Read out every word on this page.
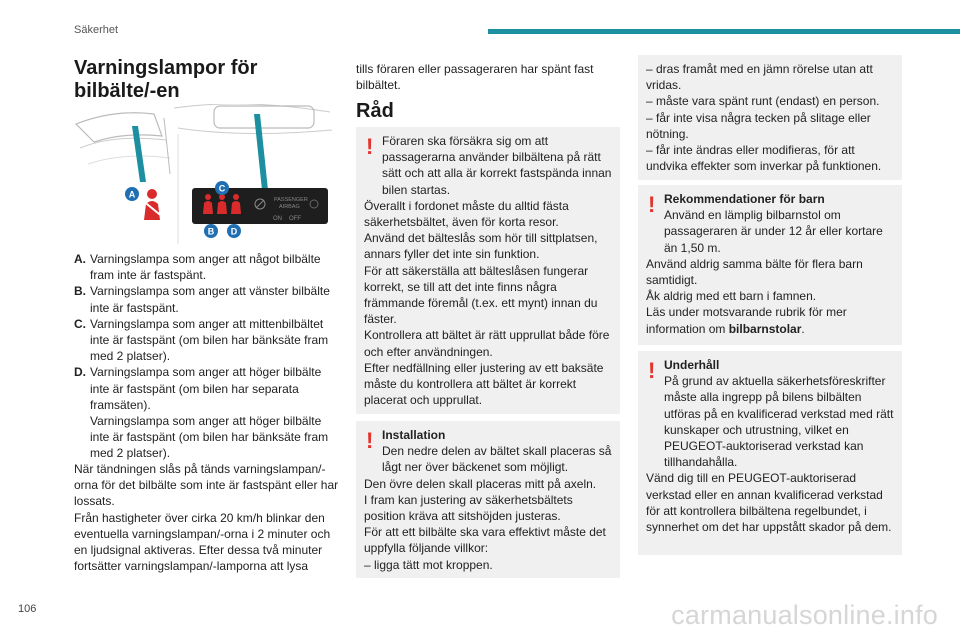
Säkerhet
Varningslampor för bilbälte/-en
PASSENGER
AIRBAG
ON OFF
A
C
B D
A. Varningslampa som anger att något bilbälte fram inte är fastspänt.
B. Varningslampa som anger att vänster bilbälte inte är fastspänt.
C. Varningslampa som anger att mittenbilbältet inte är fastspänt (om bilen har bänksäte fram med 2 platser).
D. Varningslampa som anger att höger bilbälte inte är fastspänt (om bilen har separata framsäten).
Varningslampa som anger att höger bilbälte inte är fastspänt (om bilen har bänksäte fram med 2 platser).
När tändningen slås på tänds varningslampan/-orna för det bilbälte som inte är fastspänt eller har lossats.
Från hastigheter över cirka 20 km/h blinkar den eventuella varningslampan/-orna i 2 minuter och en ljudsignal aktiveras. Efter dessa två minuter fortsätter varningslampan/-lamporna att lysa
tills föraren eller passageraren har spänt fast bilbältet.
Råd
! Föraren ska försäkra sig om att passagerarna använder bilbältena på rätt sätt och att alla är korrekt fastspända innan bilen startas.
Överallt i fordonet måste du alltid fästa säkerhetsbältet, även för korta resor.
Använd det bälteslås som hör till sittplatsen, annars fyller det inte sin funktion.
För att säkerställa att bälteslåsen fungerar korrekt, se till att det inte finns några främmande föremål (t.ex. ett mynt) innan du fäster.
Kontrollera att bältet är rätt upprullat både före och efter användningen.
Efter nedfällning eller justering av ett baksäte måste du kontrollera att bältet är korrekt placerat och upprullat.
! Installation
Den nedre delen av bältet skall placeras så lågt ner över bäckenet som möjligt.
Den övre delen skall placeras mitt på axeln.
I fram kan justering av säkerhetsbältets position kräva att sitshöjden justeras.
För att ett bilbälte ska vara effektivt måste det uppfylla följande villkor:
– ligga tätt mot kroppen.
– dras framåt med en jämn rörelse utan att vridas.
– måste vara spänt runt (endast) en person.
– får inte visa några tecken på slitage eller nötning.
– får inte ändras eller modifieras, för att undvika effekter som inverkar på funktionen.
! Rekommendationer för barn
Använd en lämplig bilbarnstol om passageraren är under 12 år eller kortare än 1,50 m.
Använd aldrig samma bälte för flera barn samtidigt.
Åk aldrig med ett barn i famnen.
Läs under motsvarande rubrik för mer information om bilbarnstolar.
! Underhåll
På grund av aktuella säkerhetsföreskrifter måste alla ingrepp på bilens bilbälten utföras på en kvalificerad verkstad med rätt kunskaper och utrustning, vilket en PEUGEOT-auktoriserad verkstad kan tillhandahålla.
Vänd dig till en PEUGEOT-auktoriserad verkstad eller en annan kvalificerad verkstad för att kontrollera bilbältena regelbundet, i synnerhet om det har uppstått skador på dem.
106	carmanualsonline.info
